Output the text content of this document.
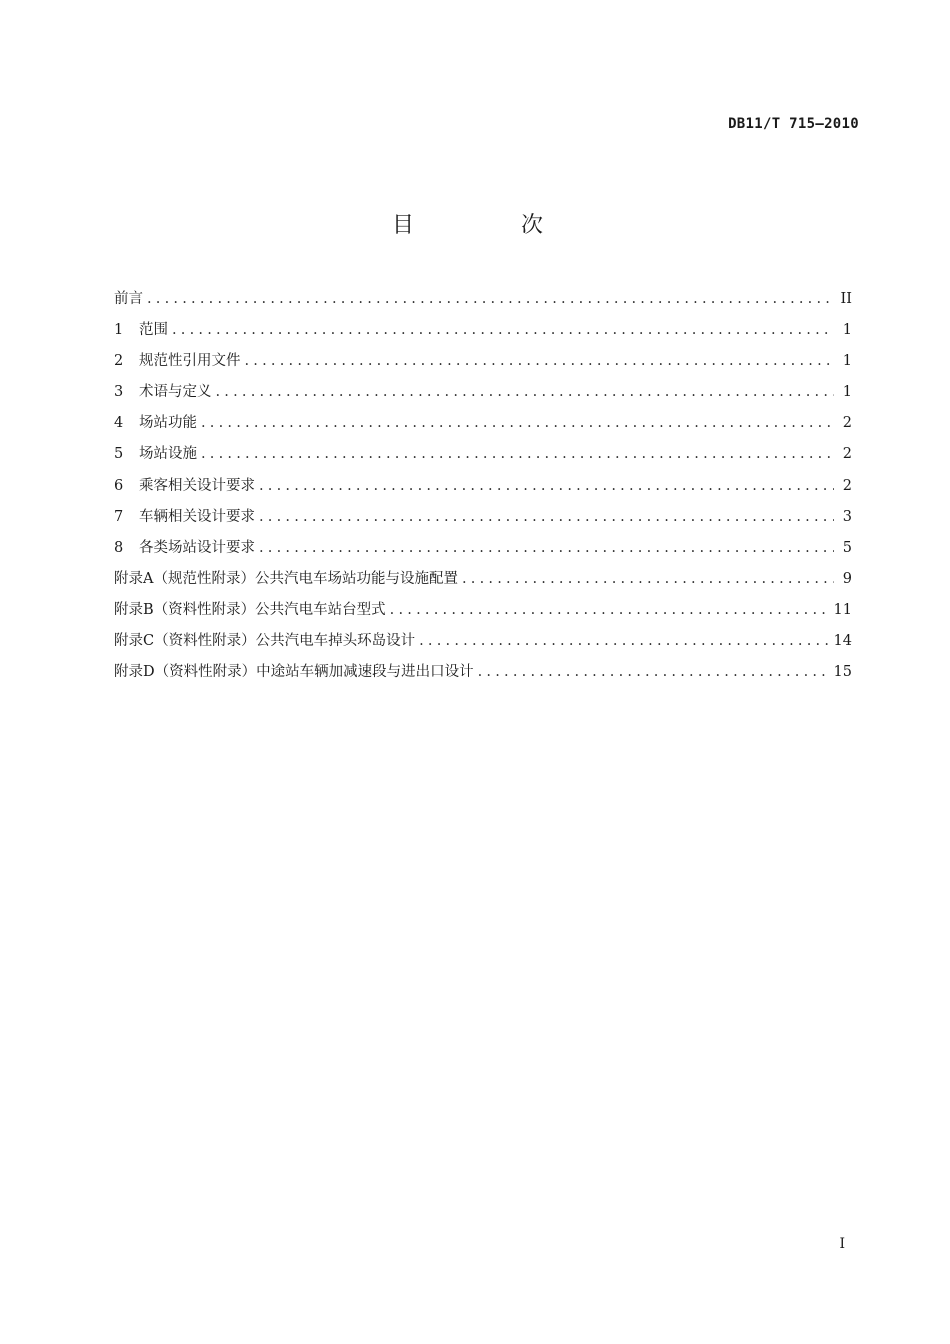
DB11/T 715—2010
目 次
前言 .....	II
1	范围 .....	1
2	规范性引用文件 .....	1
3	术语与定义 .....	1
4	场站功能 .....	2
5	场站设施 .....	2
6	乘客相关设计要求 .....	2
7	车辆相关设计要求 .....	3
8	各类场站设计要求 .....	5
附录A（规范性附录）公共汽电车场站功能与设施配置 .....	9
附录B（资料性附录）公共汽电车站台型式 .....	11
附录C（资料性附录）公共汽电车掉头环岛设计 .....	14
附录D（资料性附录）中途站车辆加减速段与进出口设计 .....	15
I
